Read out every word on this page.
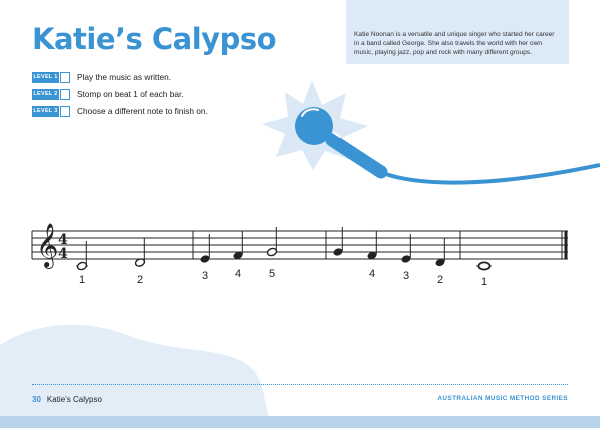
Katie’s Calypso	Katie Noonan is a versatile and unique singer who started her career in a band called George. She also travels the world with her own music, playing jazz, pop and rock with many different groups.
LEVEL 1 Play the music as written.
LEVEL 2 Stomp on beat 1 of each bar.
LEVEL 3 Choose a different note to finish on.
𝄞 4
4
1	2	3 4	5	4	3	2	1
30 Katie’s Calypso	AUSTRALIAN MUSIC METHOD SERIES
